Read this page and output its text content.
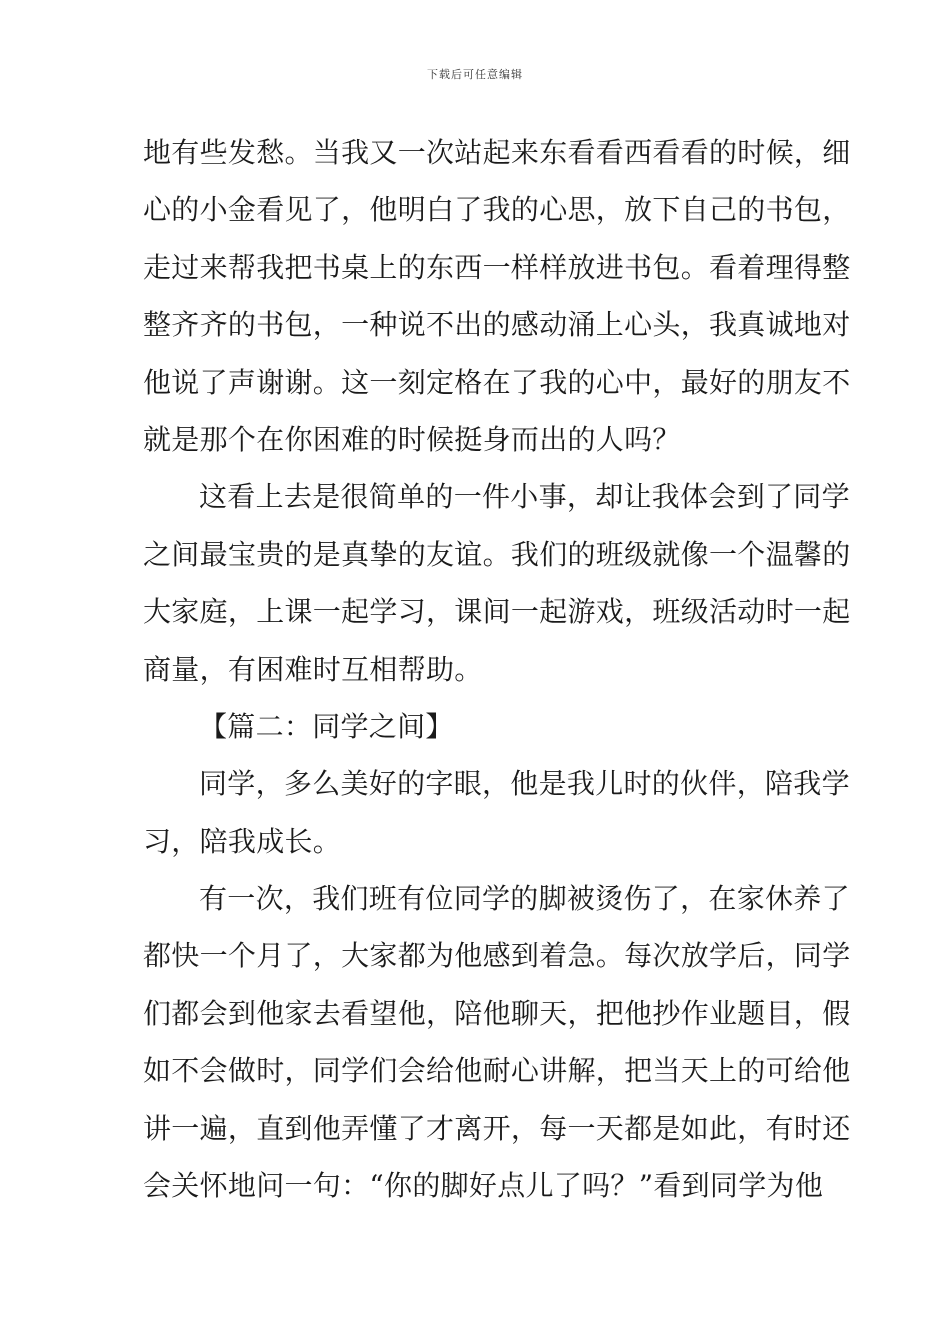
下载后可任意编辑
地有些发愁。当我又一次站起来东看看西看看的时候，细
心的小金看见了，他明白了我的心思，放下自己的书包，
走过来帮我把书桌上的东西一样样放进书包。看着理得整
整齐齐的书包，一种说不出的感动涌上心头，我真诚地对
他说了声谢谢。这一刻定格在了我的心中，最好的朋友不
就是那个在你困难的时候挺身而出的人吗？
这看上去是很简单的一件小事，却让我体会到了同学
之间最宝贵的是真挚的友谊。我们的班级就像一个温馨的
大家庭，上课一起学习，课间一起游戏，班级活动时一起
商量，有困难时互相帮助。
【篇二：同学之间】
同学，多么美好的字眼，他是我儿时的伙伴，陪我学
习，陪我成长。
有一次，我们班有位同学的脚被烫伤了，在家休养了
都快一个月了，大家都为他感到着急。每次放学后，同学
们都会到他家去看望他，陪他聊天，把他抄作业题目，假
如不会做时，同学们会给他耐心讲解，把当天上的可给他
讲一遍，直到他弄懂了才离开，每一天都是如此，有时还
会关怀地问一句：“你的脚好点儿了吗？”看到同学为他
